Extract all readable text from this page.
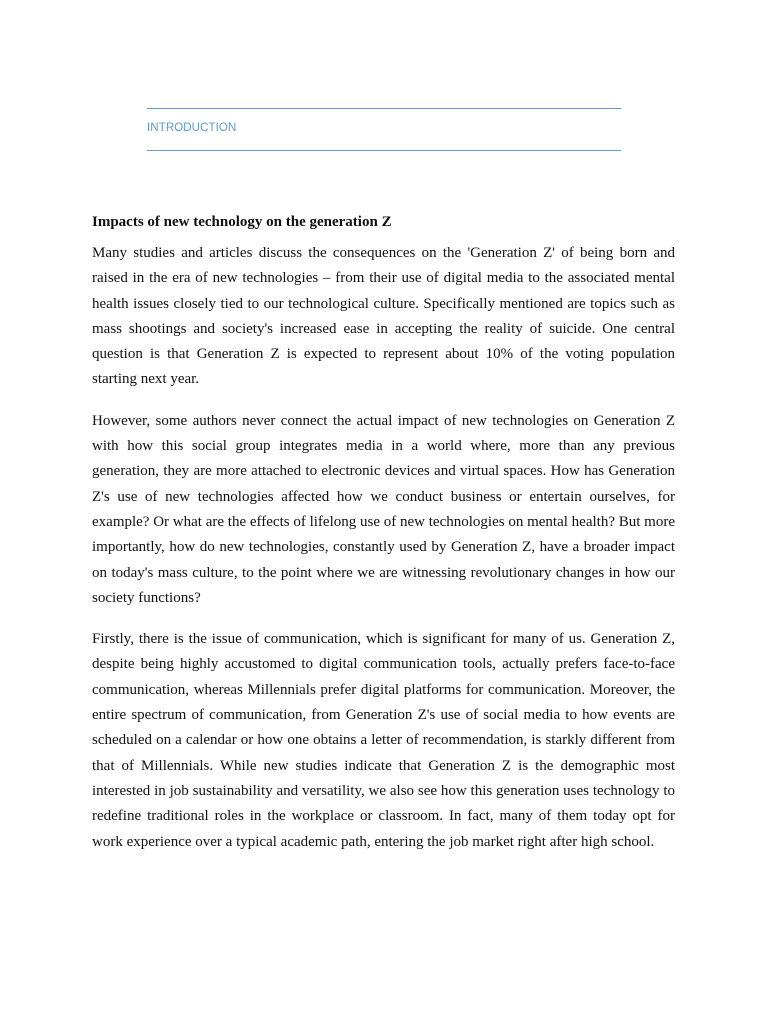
INTRODUCTION
Impacts of new technology on the generation Z

Many studies and articles discuss the consequences on the 'Generation Z' of being born and raised in the era of new technologies – from their use of digital media to the associated mental health issues closely tied to our technological culture. Specifically mentioned are topics such as mass shootings and society's increased ease in accepting the reality of suicide. One central question is that Generation Z is expected to represent about 10% of the voting population starting next year.

However, some authors never connect the actual impact of new technologies on Generation Z with how this social group integrates media in a world where, more than any previous generation, they are more attached to electronic devices and virtual spaces. How has Generation Z's use of new technologies affected how we conduct business or entertain ourselves, for example? Or what are the effects of lifelong use of new technologies on mental health? But more importantly, how do new technologies, constantly used by Generation Z, have a broader impact on today's mass culture, to the point where we are witnessing revolutionary changes in how our society functions?

Firstly, there is the issue of communication, which is significant for many of us. Generation Z, despite being highly accustomed to digital communication tools, actually prefers face-to-face communication, whereas Millennials prefer digital platforms for communication. Moreover, the entire spectrum of communication, from Generation Z's use of social media to how events are scheduled on a calendar or how one obtains a letter of recommendation, is starkly different from that of Millennials. While new studies indicate that Generation Z is the demographic most interested in job sustainability and versatility, we also see how this generation uses technology to redefine traditional roles in the workplace or classroom. In fact, many of them today opt for work experience over a typical academic path, entering the job market right after high school.
